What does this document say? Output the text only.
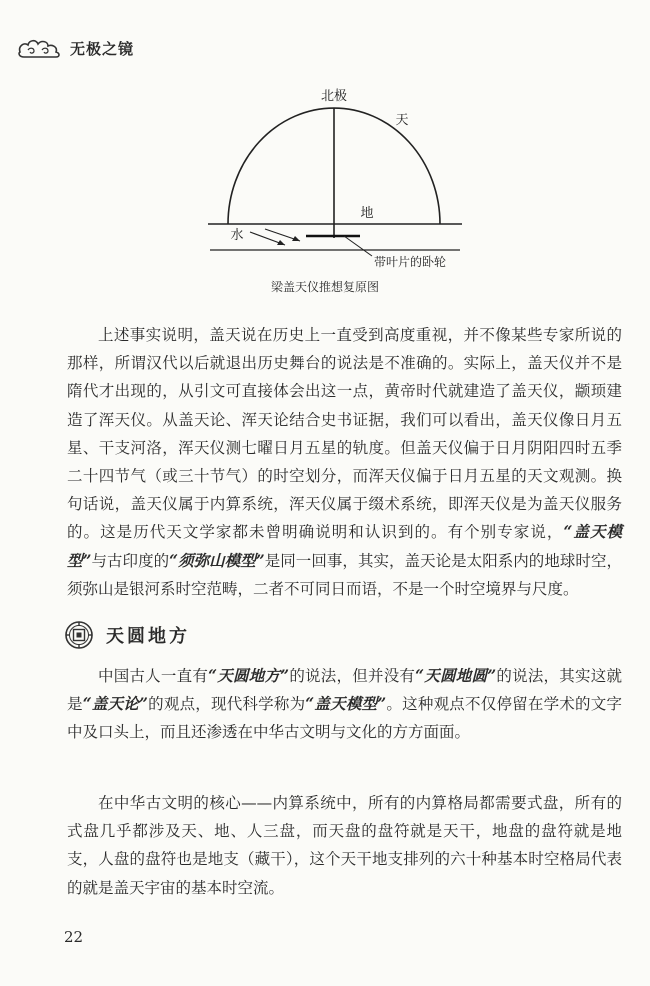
无极之镜
北极
天
地
水
带叶片的卧轮
梁盖天仪推想复原图

上述事实说明，盖天说在历史上一直受到高度重视，并不像某些专家所说的那样，所谓汉代以后就退出历史舞台的说法是不准确的。实际上，盖天仪并不是隋代才出现的，从引文可直接体会出这一点，黄帝时代就建造了盖天仪，颛顼建造了浑天仪。从盖天论、浑天论结合史书证据，我们可以看出，盖天仪像日月五星、干支河洛，浑天仪测七曜日月五星的轨度。但盖天仪偏于日月阴阳四时五季二十四节气（或三十节气）的时空划分，而浑天仪偏于日月五星的天文观测。换句话说，盖天仪属于内算系统，浑天仪属于缀术系统，即浑天仪是为盖天仪服务的。这是历代天文学家都未曾明确说明和认识到的。有个别专家说，“盖天模型”与古印度的“须弥山模型”是同一回事，其实，盖天论是太阳系内的地球时空，须弥山是银河系时空范畴，二者不可同日而语，不是一个时空境界与尺度。

天圆地方

中国古人一直有“天圆地方”的说法，但并没有“天圆地圆”的说法，其实这就是“盖天论”的观点，现代科学称为“盖天模型”。这种观点不仅停留在学术的文字中及口头上，而且还渗透在中华古文明与文化的方方面面。

在中华古文明的核心——内算系统中，所有的内算格局都需要式盘，所有的式盘几乎都涉及天、地、人三盘，而天盘的盘符就是天干，地盘的盘符就是地支，人盘的盘符也是地支（藏干），这个天干地支排列的六十种基本时空格局代表的就是盖天宇宙的基本时空流。

22
